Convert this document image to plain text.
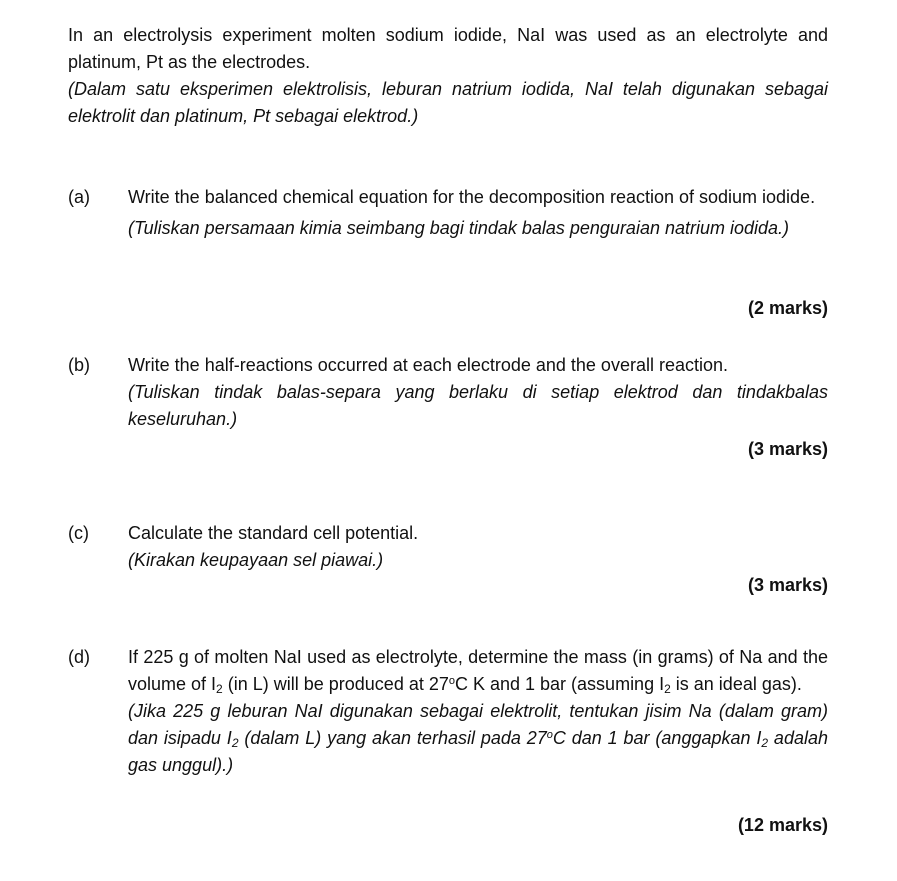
In an electrolysis experiment molten sodium iodide, NaI was used as an electrolyte and platinum, Pt as the electrodes.
(Dalam satu eksperimen elektrolisis, leburan natrium iodida, NaI telah digunakan sebagai elektrolit dan platinum, Pt sebagai elektrod.)
(a) Write the balanced chemical equation for the decomposition reaction of sodium iodide.
(Tuliskan persamaan kimia seimbang bagi tindak balas penguraian natrium iodida.)
(2 marks)
(b) Write the half-reactions occurred at each electrode and the overall reaction.
(Tuliskan tindak balas-separa yang berlaku di setiap elektrod dan tindakbalas keseluruhan.)
(3 marks)
(c) Calculate the standard cell potential.
(Kirakan keupayaan sel piawai.)
(3 marks)
(d) If 225 g of molten NaI used as electrolyte, determine the mass (in grams) of Na and the volume of $I_2$ (in L) will be produced at 27$^o$C K and 1 bar (assuming $I_2$ is an ideal gas).
(Jika 225 g leburan NaI digunakan sebagai elektrolit, tentukan jisim Na (dalam gram) dan isipadu $I_2$ (dalam L) yang akan terhasil pada 27$^o$C dan 1 bar (anggapkan $I_2$ adalah gas unggul).)
(12 marks)
